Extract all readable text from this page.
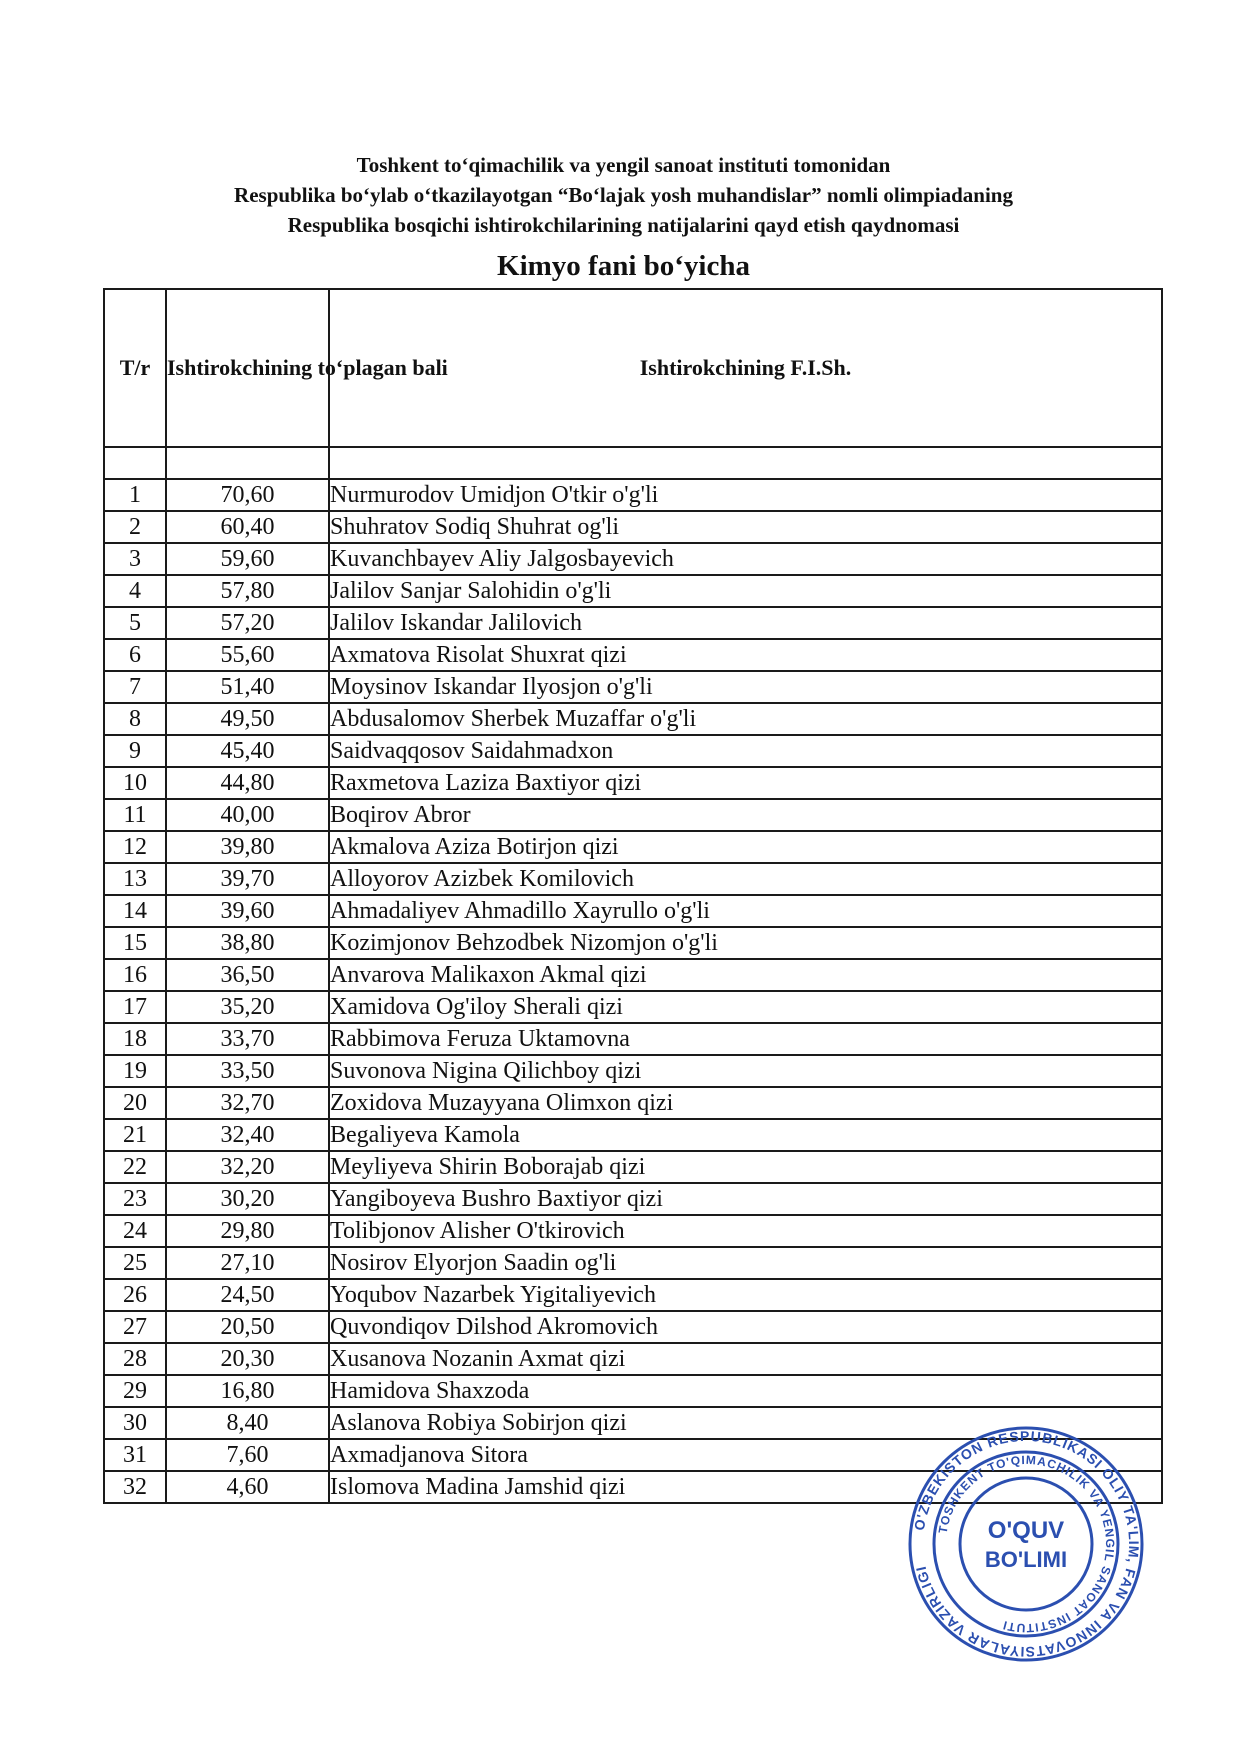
Toshkent to‘qimachilik va yengil sanoat instituti tomonidan
Respublika bo‘ylab o‘tkazilayotgan “Bo‘lajak yosh muhandislar” nomli olimpiadaning
Respublika bosqichi ishtirokchilarining natijalarini qayd etish qaydnomasi
Kimyo fani bo‘yicha
T/r	Ishtirokchining to‘plagan bali	Ishtirokchining F.I.Sh.

1	70,60	Nurmurodov Umidjon O'tkir o'g'li
2	60,40	Shuhratov Sodiq Shuhrat og'li
3	59,60	Kuvanchbayev Aliy Jalgosbayevich
4	57,80	Jalilov Sanjar Salohidin o'g'li
5	57,20	Jalilov Iskandar Jalilovich
6	55,60	Axmatova Risolat Shuxrat qizi
7	51,40	Moysinov Iskandar Ilyosjon o'g'li
8	49,50	Abdusalomov Sherbek Muzaffar o'g'li
9	45,40	Saidvaqqosov Saidahmadxon
10	44,80	Raxmetova Laziza Baxtiyor qizi
11	40,00	Boqirov Abror
12	39,80	Akmalova Aziza Botirjon qizi
13	39,70	Alloyorov Azizbek Komilovich
14	39,60	Ahmadaliyev Ahmadillo Xayrullo o'g'li
15	38,80	Kozimjonov Behzodbek Nizomjon o'g'li
16	36,50	Anvarova Malikaxon Akmal qizi
17	35,20	Xamidova Og'iloy Sherali qizi
18	33,70	Rabbimova Feruza Uktamovna
19	33,50	Suvonova Nigina Qilichboy qizi
20	32,70	Zoxidova Muzayyana Olimxon qizi
21	32,40	Begaliyeva Kamola
22	32,20	Meyliyeva Shirin Boborajab qizi
23	30,20	Yangiboyeva Bushro Baxtiyor qizi
24	29,80	Tolibjonov Alisher O'tkirovich
25	27,10	Nosirov Elyorjon Saadin og'li
26	24,50	Yoqubov Nazarbek Yigitaliyevich
27	20,50	Quvondiqov Dilshod Akromovich
28	20,30	Xusanova Nozanin Axmat qizi
29	16,80	Hamidova Shaxzoda
30	8,40	Aslanova Robiya Sobirjon qizi
31	7,60	Axmadjanova Sitora
32	4,60	Islomova Madina Jamshid qizi
O'ZBEKISTON RESPUBLIKASI OLIY TA'LIM, FAN VA INNOVATSIYALAR VAZIRLIGI
TOSHKENT TO'QIMACHILIK VA YENGIL SANOAT INSTITUTI
O'QUV
BO'LIMI
